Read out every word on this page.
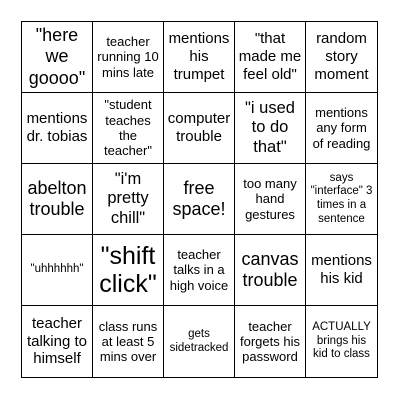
"here we goooo"
teacher running 10 mins late
mentions his trumpet
"that made me feel old"
random story moment
mentions dr. tobias
"student teaches the teacher"
computer trouble
"i used to do that"
mentions any form of reading
abelton trouble
"i'm pretty chill"
free space!
too many hand gestures
says "interface" 3 times in a sentence
"uhhhhhh" "shift click"
teacher talks in a high voice
canvas trouble
mentions his kid
teacher talking to himself
class runs at least 5 mins over
gets sidetracked
teacher forgets his password
ACTUALLY brings his kid to class
